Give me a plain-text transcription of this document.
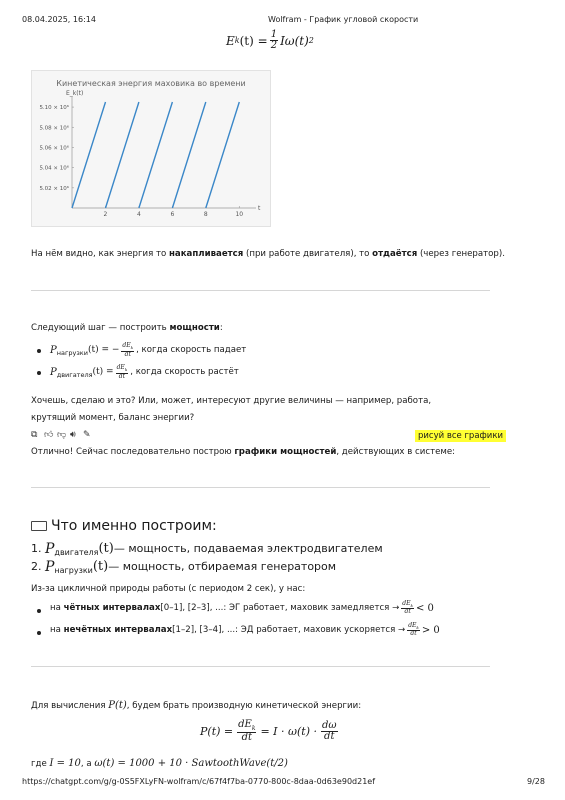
08.04.2025, 16:14	Wolfram - График угловой скорости
E k $(t) = \frac{1}{2} I\omega(t)$ 2
Кинетическая энергия маховика во времени
E_k(t)
t
2	4	6	8	10
5.02 × 10⁶
5.04 × 10⁶
5.06 × 10⁶
5.08 × 10⁶
5.10 × 10⁶
На нём видно, как энергия то накапливается (при работе двигателя), то отдаётся (через генератор).
Следующий шаг — построить мощности:
$P_{нагрузки}$ (t) = − $\frac{dE_k}{dt}$ , когда скорость падает
$P_{двигателя}$ $(t) = \frac{dE_k}{dt}$ , когда скорость растёт
Хочешь, сделаю и это? Или, может, интересуют другие величины — например, работа, крутящий момент, баланс энергии?
⧉ 👍︎ 👎︎ 🔊︎ ✎	рисуй все графики
Отлично! Сейчас последовательно построю графики мощностей, действующих в системе:
Что именно построим:
1.
$P_{двигателя}$ (t) — мощность, подаваемая электродвигателем
2.
$P_{нагрузки}$ (t) — мощность, отбираемая генератором
Из-за цикличной природы работы (с периодом 2 сек), у нас:
на
чётных интервалах [0–1], [2–3], ...: ЭГ работает, маховик замедляется → $\frac{dE_k}{dt} < 0$
на
нечётных интервалах [1–2], [3–4], ...: ЭД работает, маховик ускоряется → $\frac{dE_k}{dt} > 0$
Для вычисления P(t), будем брать производную кинетической энергии:
$P(t) = \frac{dE_k}{dt} = I \cdot \omega(t) \cdot \frac{d\omega}{dt}$
где I = 10, а ω(t) = 1000 + 10 · SawtoothWave(t/2)
https://chatgpt.com/g/g-0S5FXLyFN-wolfram/c/67f4f7ba-0770-800c-8daa-0d63e90d21ef	9/28
